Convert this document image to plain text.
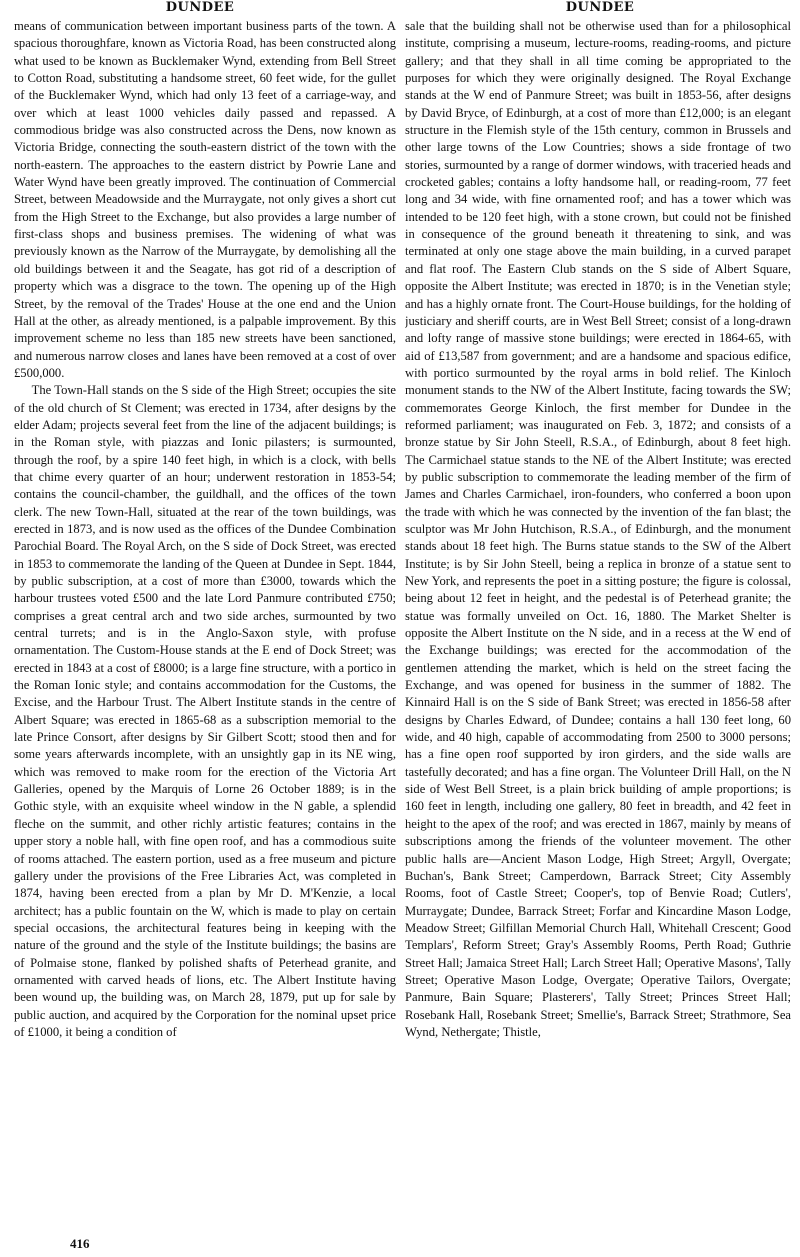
DUNDEE	DUNDEE

means of communication between important business parts of the town. A spacious thoroughfare, known as Victoria Road, has been constructed along what used to be known as Bucklemaker Wynd, extending from Bell Street to Cotton Road, substituting a handsome street, 60 feet wide, for the gullet of the Bucklemaker Wynd, which had only 13 feet of a carriage-way, and over which at least 1000 vehicles daily passed and repassed. A commodious bridge was also constructed across the Dens, now known as Victoria Bridge, connecting the south-eastern district of the town with the north-eastern. The approaches to the eastern district by Powrie Lane and Water Wynd have been greatly improved. The continuation of Commercial Street, between Meadowside and the Murraygate, not only gives a short cut from the High Street to the Exchange, but also provides a large number of first-class shops and business premises. The widening of what was previously known as the Narrow of the Murraygate, by demolishing all the old buildings between it and the Seagate, has got rid of a description of property which was a disgrace to the town. The opening up of the High Street, by the removal of the Trades' House at the one end and the Union Hall at the other, as already mentioned, is a palpable improvement. By this improvement scheme no less than 185 new streets have been sanctioned, and numerous narrow closes and lanes have been removed at a cost of over £500,000.

The Town-Hall stands on the S side of the High Street; occupies the site of the old church of St Clement; was erected in 1734, after designs by the elder Adam; projects several feet from the line of the adjacent buildings; is in the Roman style, with piazzas and Ionic pilasters; is surmounted, through the roof, by a spire 140 feet high, in which is a clock, with bells that chime every quarter of an hour; underwent restoration in 1853-54; contains the council-chamber, the guildhall, and the offices of the town clerk. The new Town-Hall, situated at the rear of the town buildings, was erected in 1873, and is now used as the offices of the Dundee Combination Parochial Board. The Royal Arch, on the S side of Dock Street, was erected in 1853 to commemorate the landing of the Queen at Dundee in Sept. 1844, by public subscription, at a cost of more than £3000, towards which the harbour trustees voted £500 and the late Lord Panmure contributed £750; comprises a great central arch and two side arches, surmounted by two central turrets; and is in the Anglo-Saxon style, with profuse ornamentation. The Custom-House stands at the E end of Dock Street; was erected in 1843 at a cost of £8000; is a large fine structure, with a portico in the Roman Ionic style; and contains accommodation for the Customs, the Excise, and the Harbour Trust. The Albert Institute stands in the centre of Albert Square; was erected in 1865-68 as a subscription memorial to the late Prince Consort, after designs by Sir Gilbert Scott; stood then and for some years afterwards incomplete, with an unsightly gap in its NE wing, which was removed to make room for the erection of the Victoria Art Galleries, opened by the Marquis of Lorne 26 October 1889; is in the Gothic style, with an exquisite wheel window in the N gable, a splendid fleche on the summit, and other richly artistic features; contains in the upper story a noble hall, with fine open roof, and has a commodious suite of rooms attached. The eastern portion, used as a free museum and picture gallery under the provisions of the Free Libraries Act, was completed in 1874, having been erected from a plan by Mr D. M'Kenzie, a local architect; has a public fountain on the W, which is made to play on certain special occasions, the architectural features being in keeping with the nature of the ground and the style of the Institute buildings; the basins are of Polmaise stone, flanked by polished shafts of Peterhead granite, and ornamented with carved heads of lions, etc. The Albert Institute having been wound up, the building was, on March 28, 1879, put up for sale by public auction, and acquired by the Corporation for the nominal upset price of £1000, it being a condition of

sale that the building shall not be otherwise used than for a philosophical institute, comprising a museum, lecture-rooms, reading-rooms, and picture gallery; and that they shall in all time coming be appropriated to the purposes for which they were originally designed. The Royal Exchange stands at the W end of Panmure Street; was built in 1853-56, after designs by David Bryce, of Edinburgh, at a cost of more than £12,000; is an elegant structure in the Flemish style of the 15th century, common in Brussels and other large towns of the Low Countries; shows a side frontage of two stories, surmounted by a range of dormer windows, with traceried heads and crocketed gables; contains a lofty handsome hall, or reading-room, 77 feet long and 34 wide, with fine ornamented roof; and has a tower which was intended to be 120 feet high, with a stone crown, but could not be finished in consequence of the ground beneath it threatening to sink, and was terminated at only one stage above the main building, in a curved parapet and flat roof. The Eastern Club stands on the S side of Albert Square, opposite the Albert Institute; was erected in 1870; is in the Venetian style; and has a highly ornate front. The Court-House buildings, for the holding of justiciary and sheriff courts, are in West Bell Street; consist of a long-drawn and lofty range of massive stone buildings; were erected in 1864-65, with aid of £13,587 from government; and are a handsome and spacious edifice, with portico surmounted by the royal arms in bold relief. The Kinloch monument stands to the NW of the Albert Institute, facing towards the SW; commemorates George Kinloch, the first member for Dundee in the reformed parliament; was inaugurated on Feb. 3, 1872; and consists of a bronze statue by Sir John Steell, R.S.A., of Edinburgh, about 8 feet high. The Carmichael statue stands to the NE of the Albert Institute; was erected by public subscription to commemorate the leading member of the firm of James and Charles Carmichael, iron-founders, who conferred a boon upon the trade with which he was connected by the invention of the fan blast; the sculptor was Mr John Hutchison, R.S.A., of Edinburgh, and the monument stands about 18 feet high. The Burns statue stands to the SW of the Albert Institute; is by Sir John Steell, being a replica in bronze of a statue sent to New York, and represents the poet in a sitting posture; the figure is colossal, being about 12 feet in height, and the pedestal is of Peterhead granite; the statue was formally unveiled on Oct. 16, 1880. The Market Shelter is opposite the Albert Institute on the N side, and in a recess at the W end of the Exchange buildings; was erected for the accommodation of the gentlemen attending the market, which is held on the street facing the Exchange, and was opened for business in the summer of 1882. The Kinnaird Hall is on the S side of Bank Street; was erected in 1856-58 after designs by Charles Edward, of Dundee; contains a hall 130 feet long, 60 wide, and 40 high, capable of accommodating from 2500 to 3000 persons; has a fine open roof supported by iron girders, and the side walls are tastefully decorated; and has a fine organ. The Volunteer Drill Hall, on the N side of West Bell Street, is a plain brick building of ample proportions; is 160 feet in length, including one gallery, 80 feet in breadth, and 42 feet in height to the apex of the roof; and was erected in 1867, mainly by means of subscriptions among the friends of the volunteer movement. The other public halls are—Ancient Mason Lodge, High Street; Argyll, Overgate; Buchan's, Bank Street; Camperdown, Barrack Street; City Assembly Rooms, foot of Castle Street; Cooper's, top of Benvie Road; Cutlers', Murraygate; Dundee, Barrack Street; Forfar and Kincardine Mason Lodge, Meadow Street; Gilfillan Memorial Church Hall, Whitehall Crescent; Good Templars', Reform Street; Gray's Assembly Rooms, Perth Road; Guthrie Street Hall; Jamaica Street Hall; Larch Street Hall; Operative Masons', Tally Street; Operative Mason Lodge, Overgate; Operative Tailors, Overgate; Panmure, Bain Square; Plasterers', Tally Street; Princes Street Hall; Rosebank Hall, Rosebank Street; Smellie's, Barrack Street; Strathmore, Sea Wynd, Nethergate; Thistle,

416
